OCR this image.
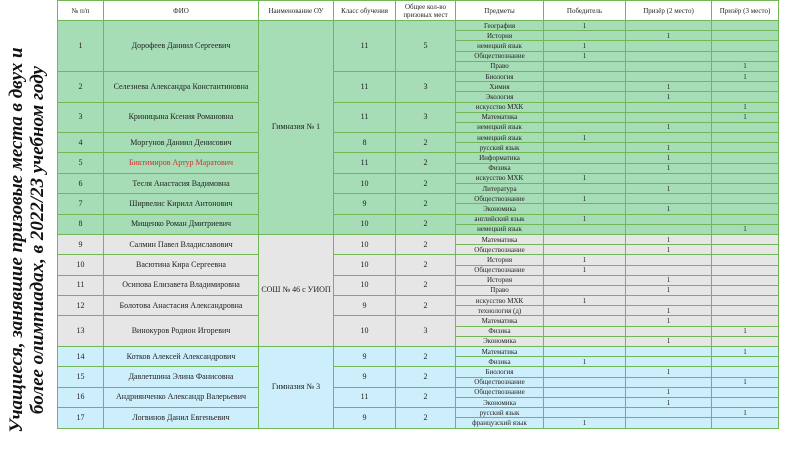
Учащиеся, занявшие призовые места в двух и более олимпиадах, в 2022/23 учебном году
№ п/п	ФИО	Наименование ОУ	Класс обучения	Общее кол-во призовых мест	Предметы	Победитель	Призёр (2 место)	Призёр (3 место)
1	Дорофеев Даниил Сергеевич	Гимназия № 1	11	5	География	1		
					История		1	
					немецкий язык	1		
					Обществознание	1		
					Право			1
2	Селезнева Александра Константиновна		11	3	Биология			1
					Химия		1	
					Экология		1	
3	Криницына Ксения Романовна		11	3	искусство МХК			1
					Математика			1
					немецкий язык		1	
4	Моргунов Даниил Денисович		8	2	немецкий язык	1		
					русский язык		1	
5	Биктимиров Артур Маратович		11	2	Информатика		1	
					Физика		1	
6	Тесля Анастасия Вадимовна		10	2	искусство МХК	1		
					Литература		1	
7	Ширвелис Кирилл Антонович		9	2	Обществознание	1		
					Экономика		1	
8	Мищенко Роман Дмитриевич		10	2	английский язык	1		
					немецкий язык			1
9	Салмин Павел Владиславович	СОШ № 46 с УИОП	10	2	Математика		1	
					Обществознание		1	
10	Васютина Кира Сергеевна		10	2	История	1		
					Обществознание	1		
11	Осипова Елизавета Владимировна		10	2	История		1	
					Право		1	
12	Болотова Анастасия Александровна		9	2	искусство МХК	1		
					технология (д)		1	
13	Винокуров Родион Игоревич		10	3	Математика		1	
					Физика			1
					Экономика		1	
14	Котков Алексей Александрович	Гимназия № 3	9	2	Математика			1
					Физика	1		
15	Давлетшина Элина Фанисовна		9	2	Биология		1	
					Обществознание			1
16	Андриянченко Александр Валерьевич		11	2	Обществознание		1	
					Экономика		1	
17	Логвинов Данил Евгеньевич		9	2	русский язык			1
					французский язык	1		
